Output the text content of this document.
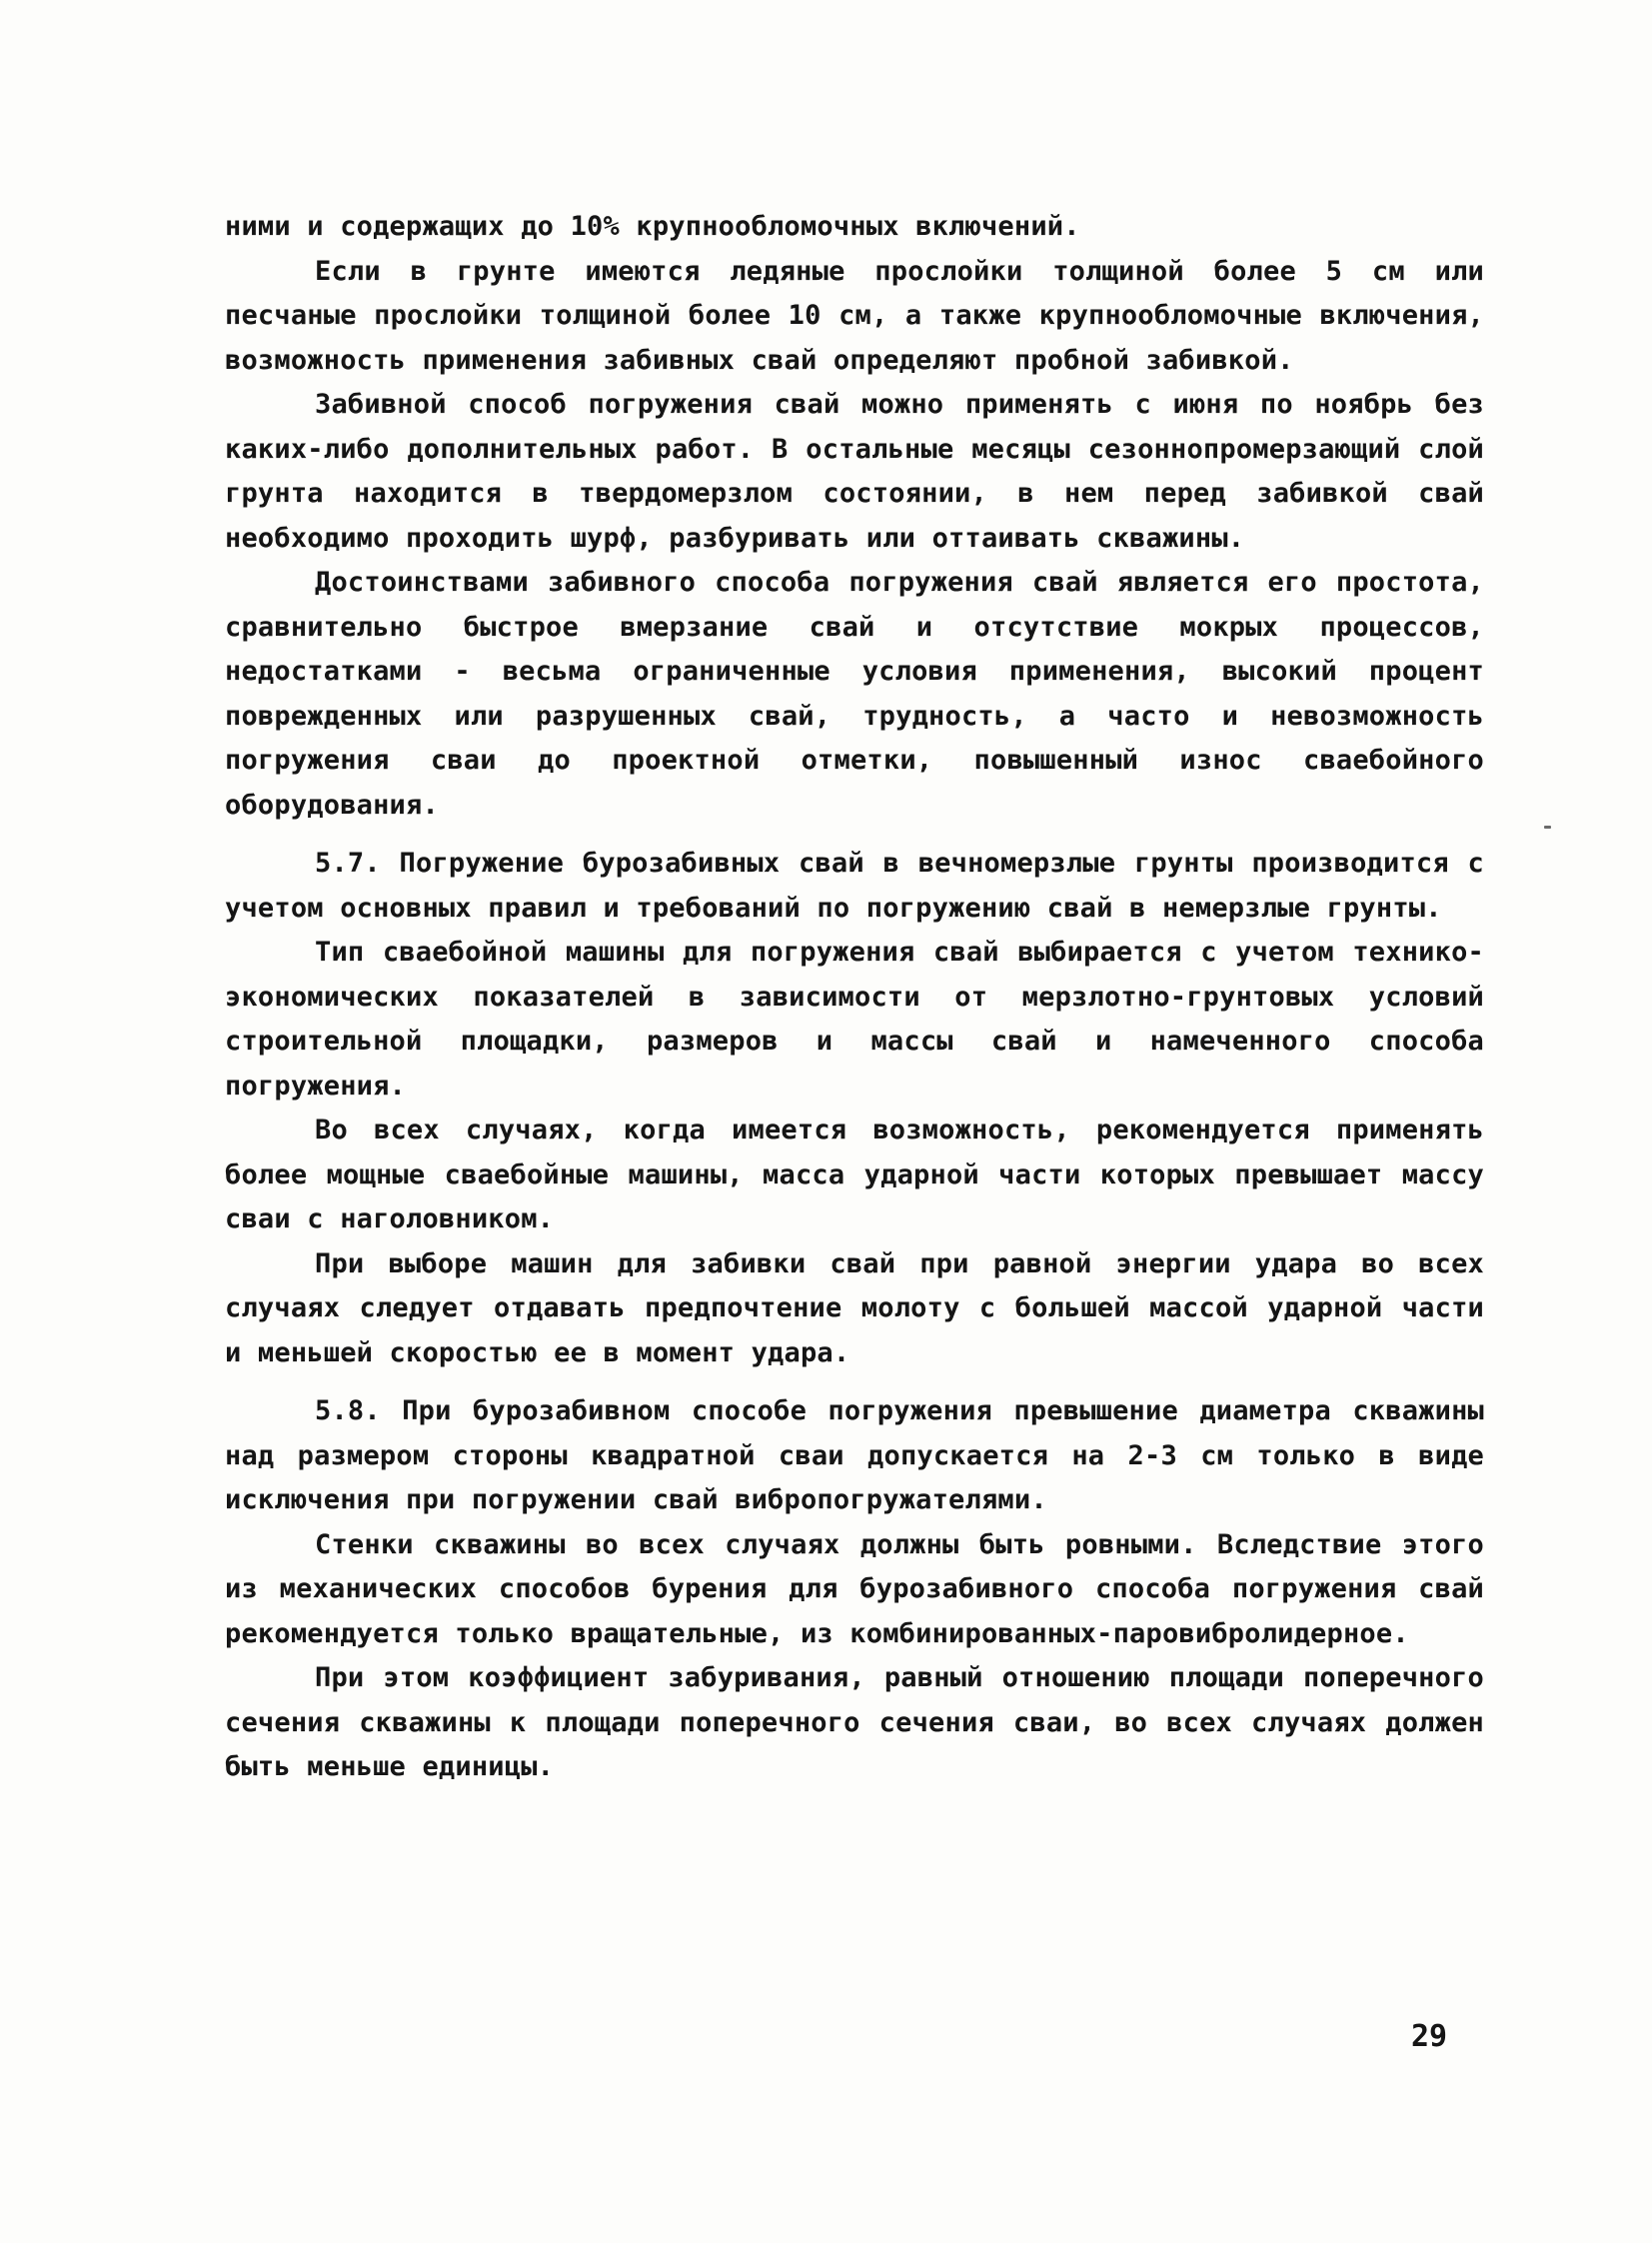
ними и содержащих до 10% крупнообломочных включений.

Если в грунте имеются ледяные прослойки толщиной более 5 см или песчаные прослойки толщиной более 10 см, а также крупнообломочные включения, возможность применения забивных свай определяют пробной забивкой.

Забивной способ погружения свай можно применять с июня по ноябрь без каких-либо дополнительных работ. В остальные месяцы сезоннопромерзающий слой грунта находится в твердомерзлом состоянии, в нем перед забивкой свай необходимо проходить шурф, разбуривать или оттаивать скважины.

Достоинствами забивного способа погружения свай является его простота, сравнительно быстрое вмерзание свай и отсутствие мокрых процессов, недостатками - весьма ограниченные условия применения, высокий процент поврежденных или разрушенных свай, трудность, а часто и невозможность погружения сваи до проектной отметки, повышенный износ сваебойного оборудования.

5.7. Погружение бурозабивных свай в вечномерзлые грунты производится с учетом основных правил и требований по погружению свай в немерзлые грунты.

Тип сваебойной машины для погружения свай выбирается с учетом технико-экономических показателей в зависимости от мерзлотно-грунтовых условий строительной площадки, размеров и массы свай и намеченного способа погружения.

Во всех случаях, когда имеется возможность, рекомендуется применять более мощные сваебойные машины, масса ударной части которых превышает массу сваи с наголовником.

При выборе машин для забивки свай при равной энергии удара во всех случаях следует отдавать предпочтение молоту с большей массой ударной части и меньшей скоростью ее в момент удара.

5.8. При бурозабивном способе погружения превышение диаметра скважины над размером стороны квадратной сваи допускается на 2-3 см только в виде исключения при погружении свай вибропогружателями.

Стенки скважины во всех случаях должны быть ровными. Вследствие этого из механических способов бурения для бурозабивного способа погружения свай рекомендуется только вращательные, из комбинированных-паровибролидерное.

При этом коэффициент забуривания, равный отношению площади поперечного сечения скважины к площади поперечного сечения сваи, во всех случаях должен быть меньше единицы.

29
